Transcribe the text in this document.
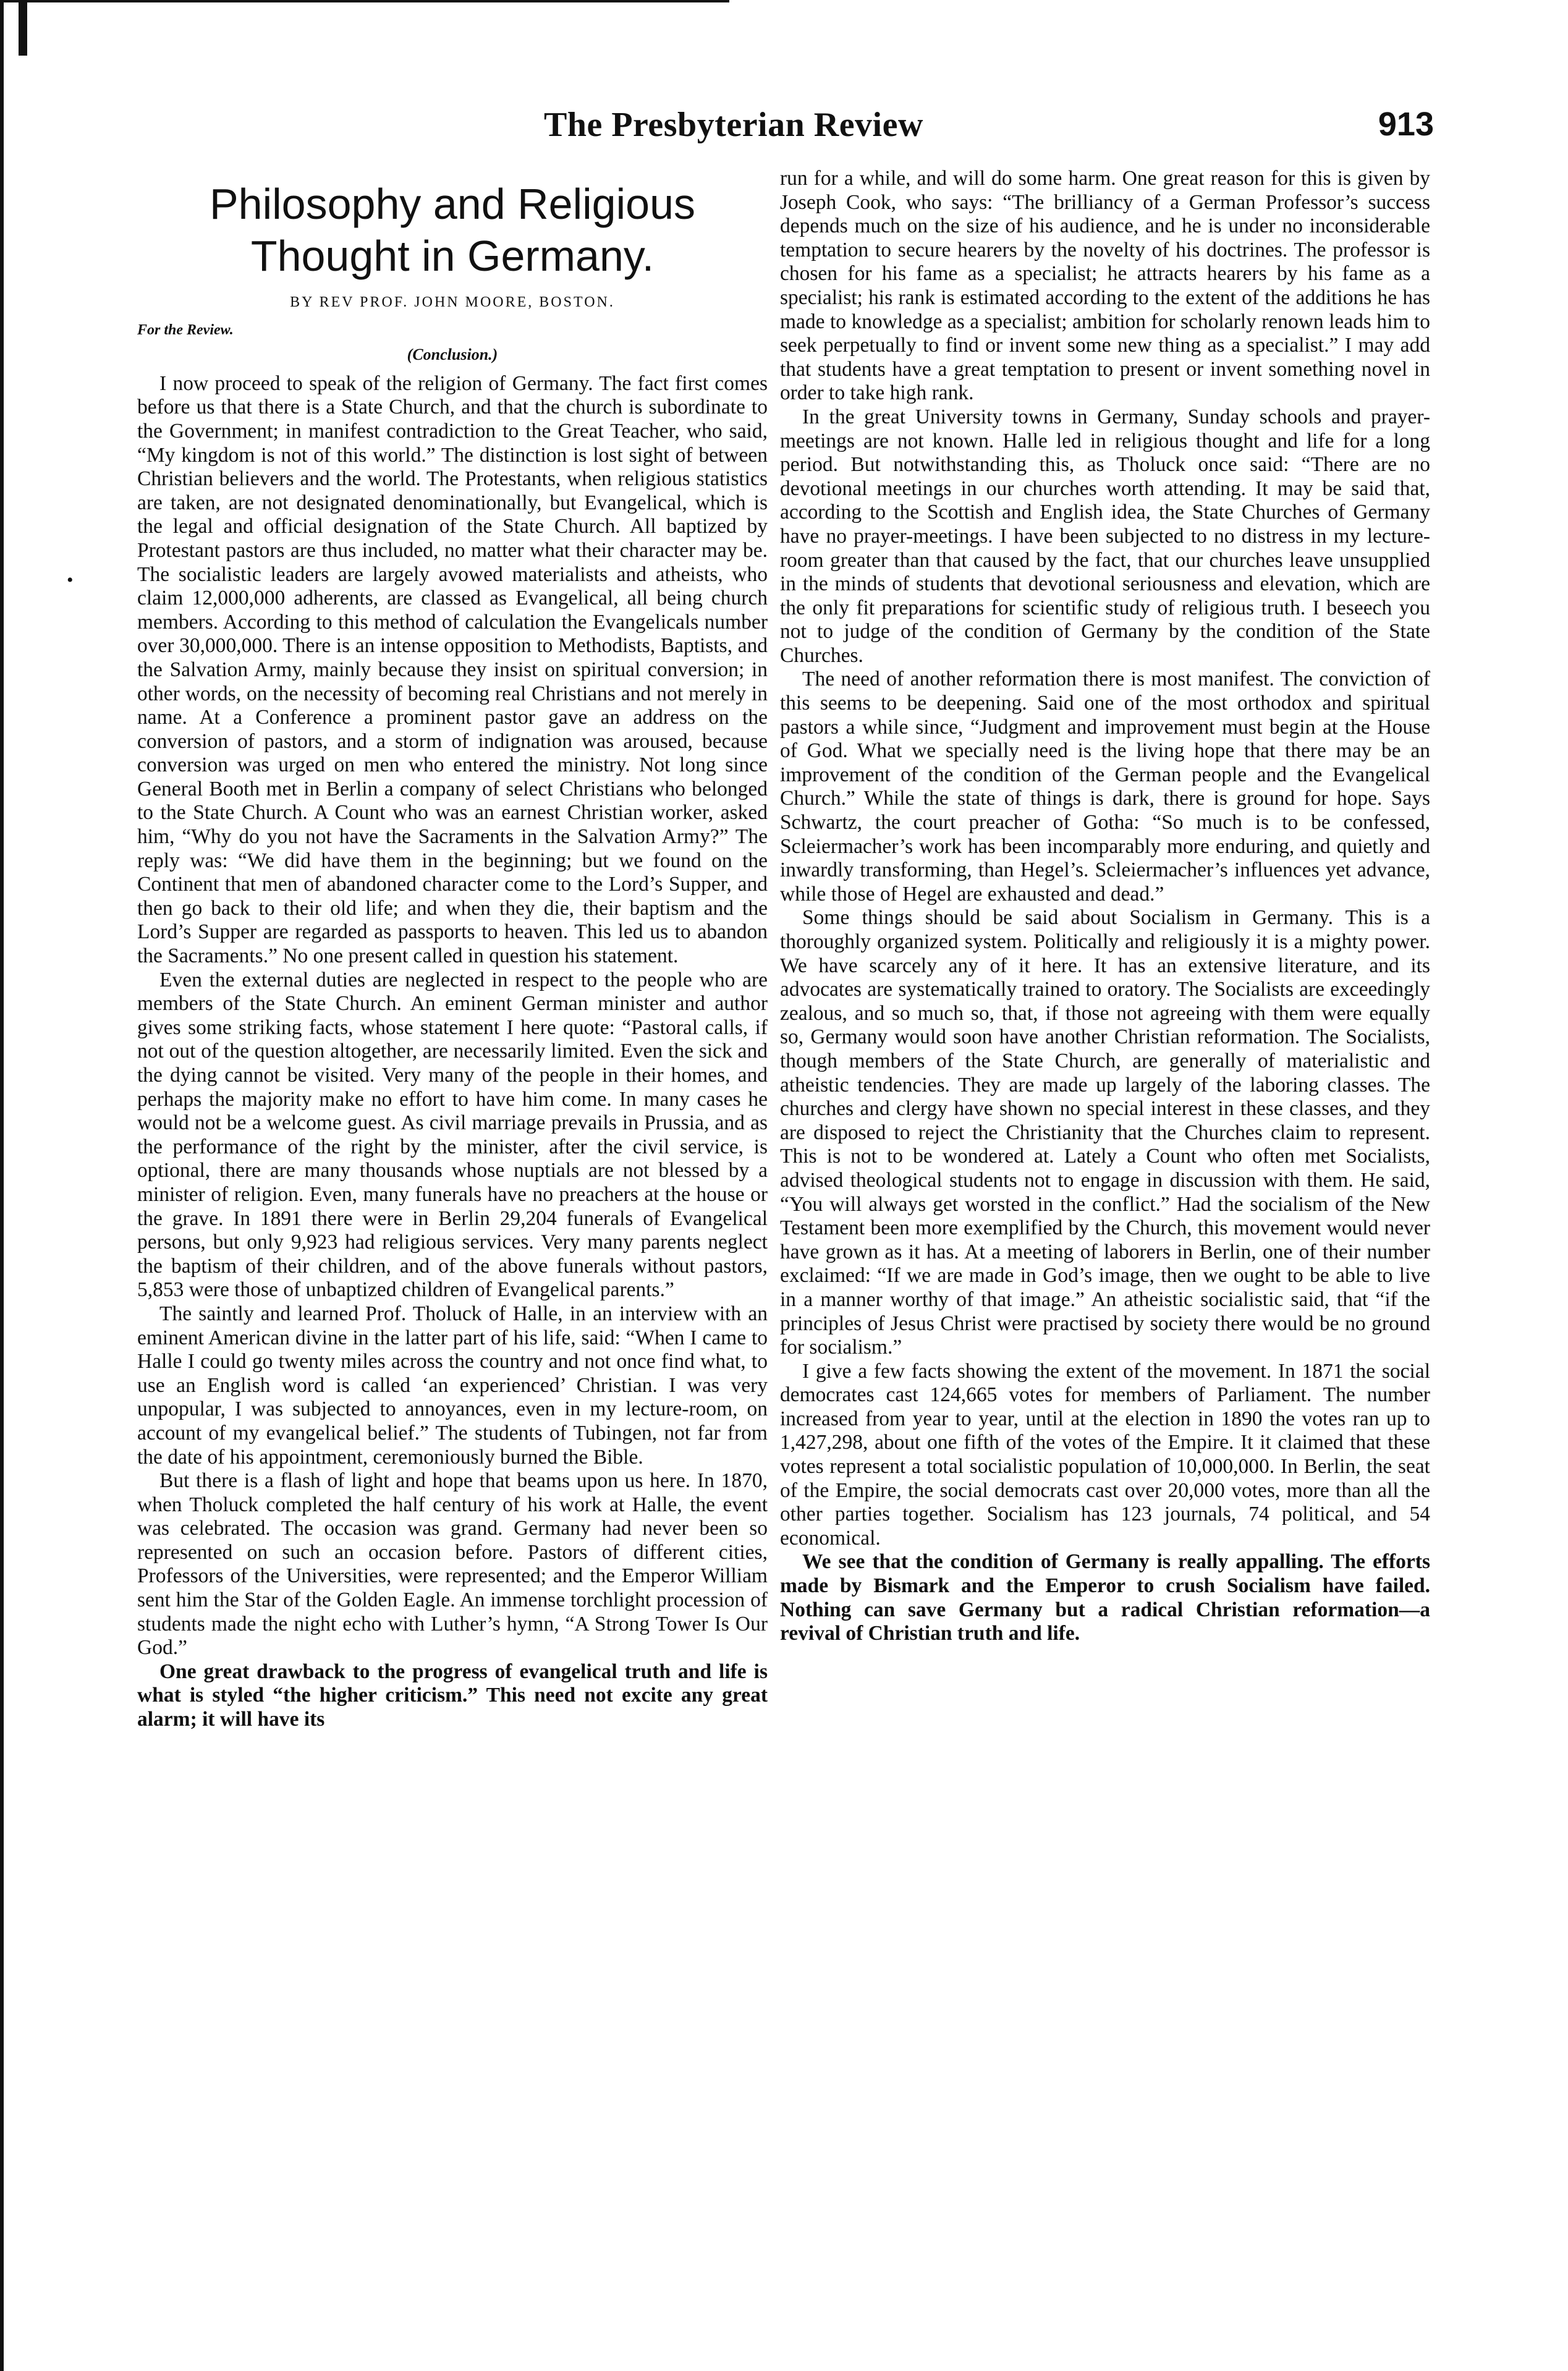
The Presbyterian Review	913
•
Philosophy and Religious
Thought in Germany.
BY REV PROF. JOHN MOORE, BOSTON.
For the Review.
(Conclusion.)

I now proceed to speak of the religion of Germany. The fact first comes before us that there is a State Church, and that the church is subordinate to the Government; in manifest contradiction to the Great Teacher, who said, “My kingdom is not of this world.” The distinction is lost sight of between Christian believers and the world. The Protestants, when religious statistics are taken, are not designated denominationally, but Evangelical, which is the legal and official designation of the State Church. All baptized by Protestant pastors are thus included, no matter what their character may be. The socialistic leaders are largely avowed materialists and atheists, who claim 12,000,000 adherents, are classed as Evangelical, all being church members. According to this method of calculation the Evangelicals number over 30,000,000. There is an intense opposition to Methodists, Baptists, and the Salvation Army, mainly because they insist on spiritual conversion; in other words, on the necessity of becoming real Christians and not merely in name. At a Conference a prominent pastor gave an address on the conversion of pastors, and a storm of indignation was aroused, because conversion was urged on men who entered the ministry. Not long since General Booth met in Berlin a company of select Christians who belonged to the State Church. A Count who was an earnest Christian worker, asked him, “Why do you not have the Sacraments in the Salvation Army?” The reply was: “We did have them in the beginning; but we found on the Continent that men of abandoned character come to the Lord’s Supper, and then go back to their old life; and when they die, their baptism and the Lord’s Supper are regarded as passports to heaven. This led us to abandon the Sacraments.” No one present called in question his statement.

Even the external duties are neglected in respect to the people who are members of the State Church. An eminent German minister and author gives some striking facts, whose statement I here quote: “Pastoral calls, if not out of the question altogether, are necessarily limited. Even the sick and the dying cannot be visited. Very many of the people in their homes, and perhaps the majority make no effort to have him come. In many cases he would not be a welcome guest. As civil marriage prevails in Prussia, and as the performance of the right by the minister, after the civil service, is optional, there are many thousands whose nuptials are not blessed by a minister of religion. Even, many funerals have no preachers at the house or the grave. In 1891 there were in Berlin 29,204 funerals of Evangelical persons, but only 9,923 had religious services. Very many parents neglect the baptism of their children, and of the above funerals without pastors, 5,853 were those of unbaptized children of Evangelical parents.”

The saintly and learned Prof. Tholuck of Halle, in an interview with an eminent American divine in the latter part of his life, said: “When I came to Halle I could go twenty miles across the country and not once find what, to use an English word is called ‘an experienced’ Christian. I was very unpopular, I was subjected to annoyances, even in my lecture-room, on account of my evangelical belief.” The students of Tubingen, not far from the date of his appointment, ceremoniously burned the Bible.

But there is a flash of light and hope that beams upon us here. In 1870, when Tholuck completed the half century of his work at Halle, the event was celebrated. The occasion was grand. Germany had never been so represented on such an occasion before. Pastors of different cities, Professors of the Universities, were represented; and the Emperor William sent him the Star of the Golden Eagle. An immense torchlight procession of students made the night echo with Luther’s hymn, “A Strong Tower Is Our God.”

One great drawback to the progress of evangelical truth and life is what is styled “the higher criticism.” This need not excite any great alarm; it will have its

run for a while, and will do some harm. One great reason for this is given by Joseph Cook, who says: “The brilliancy of a German Professor’s success depends much on the size of his audience, and he is under no inconsiderable temptation to secure hearers by the novelty of his doctrines. The professor is chosen for his fame as a specialist; he attracts hearers by his fame as a specialist; his rank is estimated according to the extent of the additions he has made to knowledge as a specialist; ambition for scholarly renown leads him to seek perpetually to find or invent some new thing as a specialist.” I may add that students have a great temptation to present or invent something novel in order to take high rank.

In the great University towns in Germany, Sunday schools and prayer-meetings are not known. Halle led in religious thought and life for a long period. But notwithstanding this, as Tholuck once said: “There are no devotional meetings in our churches worth attending. It may be said that, according to the Scottish and English idea, the State Churches of Germany have no prayer-meetings. I have been subjected to no distress in my lecture-room greater than that caused by the fact, that our churches leave unsupplied in the minds of students that devotional seriousness and elevation, which are the only fit preparations for scientific study of religious truth. I beseech you not to judge of the condition of Germany by the condition of the State Churches.

The need of another reformation there is most manifest. The conviction of this seems to be deepening. Said one of the most orthodox and spiritual pastors a while since, “Judgment and improvement must begin at the House of God. What we specially need is the living hope that there may be an improvement of the condition of the German people and the Evangelical Church.” While the state of things is dark, there is ground for hope. Says Schwartz, the court preacher of Gotha: “So much is to be confessed, Scleiermacher’s work has been incomparably more enduring, and quietly and inwardly transforming, than Hegel’s. Scleiermacher’s influences yet advance, while those of Hegel are exhausted and dead.”

Some things should be said about Socialism in Germany. This is a thoroughly organized system. Politically and religiously it is a mighty power. We have scarcely any of it here. It has an extensive literature, and its advocates are systematically trained to oratory. The Socialists are exceedingly zealous, and so much so, that, if those not agreeing with them were equally so, Germany would soon have another Christian reformation. The Socialists, though members of the State Church, are generally of materialistic and atheistic tendencies. They are made up largely of the laboring classes. The churches and clergy have shown no special interest in these classes, and they are disposed to reject the Christianity that the Churches claim to represent. This is not to be wondered at. Lately a Count who often met Socialists, advised theological students not to engage in discussion with them. He said, “You will always get worsted in the conflict.” Had the socialism of the New Testament been more exemplified by the Church, this movement would never have grown as it has. At a meeting of laborers in Berlin, one of their number exclaimed: “If we are made in God’s image, then we ought to be able to live in a manner worthy of that image.” An atheistic socialistic said, that “if the principles of Jesus Christ were practised by society there would be no ground for socialism.”

I give a few facts showing the extent of the movement. In 1871 the social democrates cast 124,665 votes for members of Parliament. The number increased from year to year, until at the election in 1890 the votes ran up to 1,427,298, about one fifth of the votes of the Empire. It it claimed that these votes represent a total socialistic population of 10,000,000. In Berlin, the seat of the Empire, the social democrats cast over 20,000 votes, more than all the other parties together. Socialism has 123 journals, 74 political, and 54 economical.

We see that the condition of Germany is really appalling. The efforts made by Bismark and the Emperor to crush Socialism have failed. Nothing can save Germany but a radical Christian reformation—a revival of Christian truth and life.
